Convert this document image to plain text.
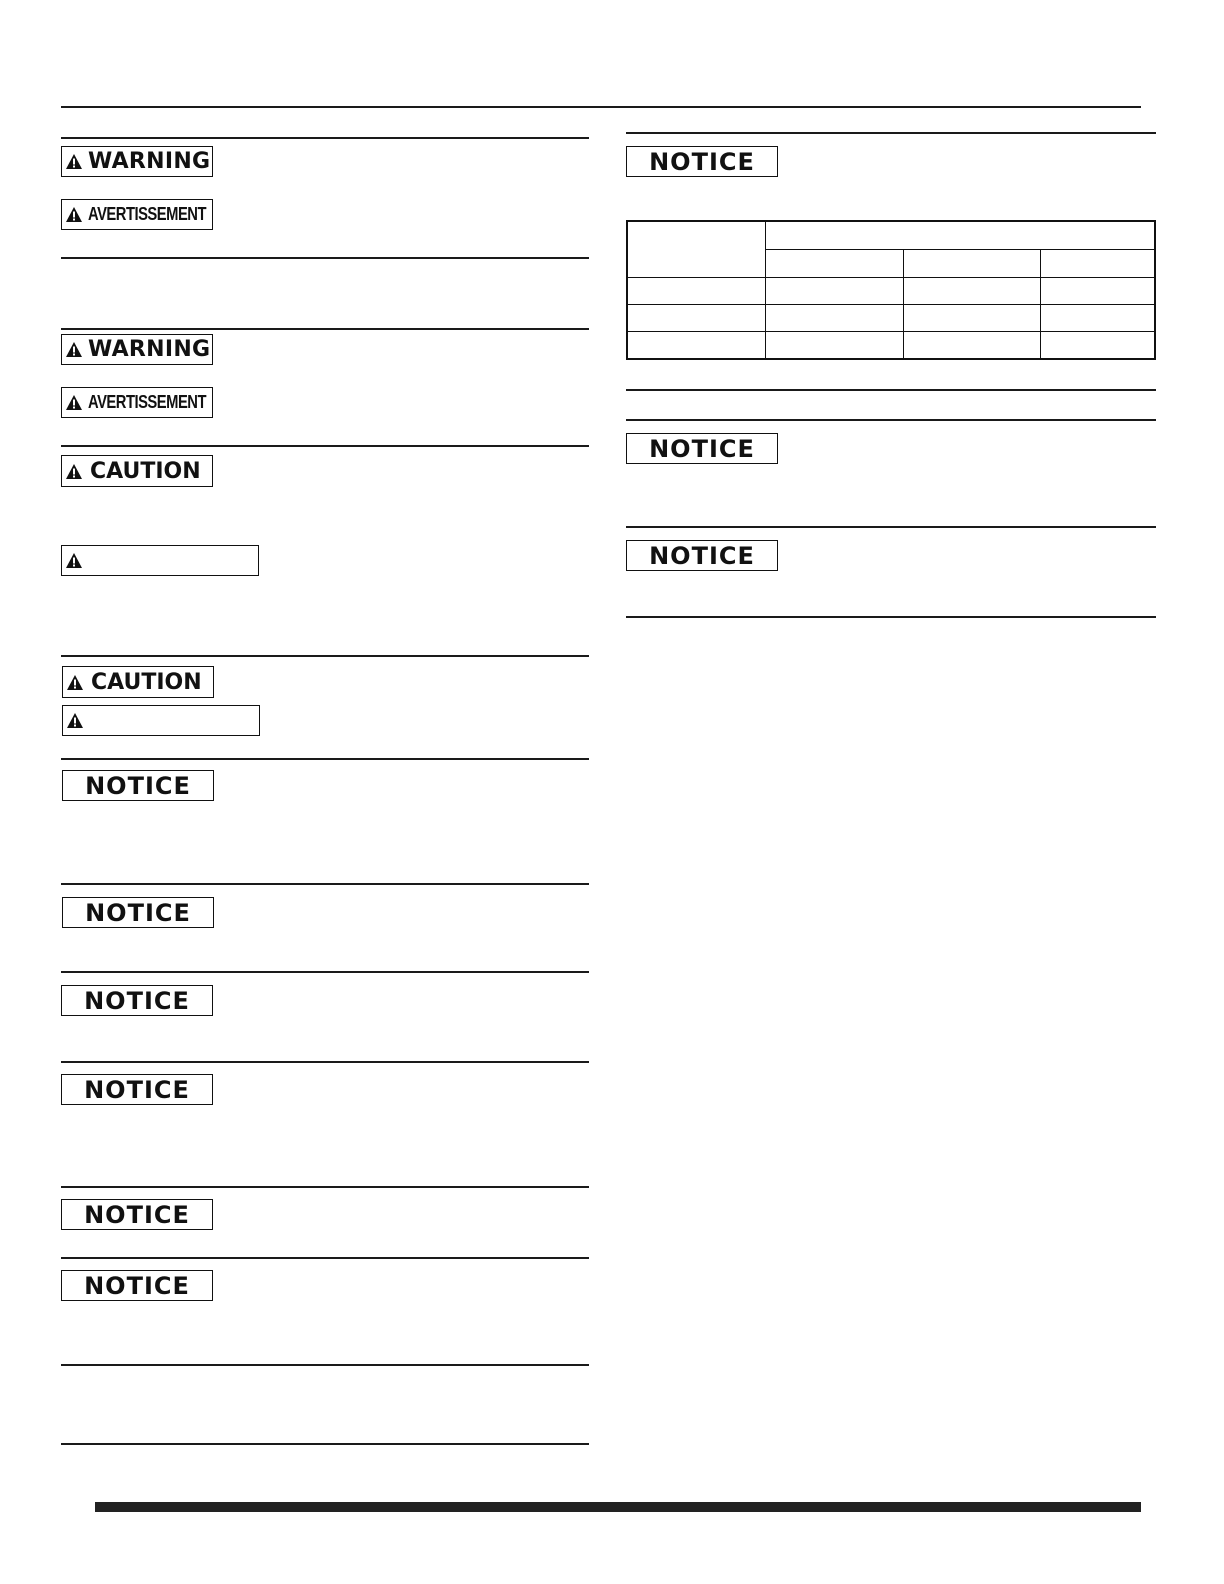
WARNING
AVERTISSEMENT
WARNING
AVERTISSEMENT
CAUTION
CAUTION
NOTICE
NOTICE
NOTICE
NOTICE
NOTICE
NOTICE
NOTICE

NOTICE
NOTICE
